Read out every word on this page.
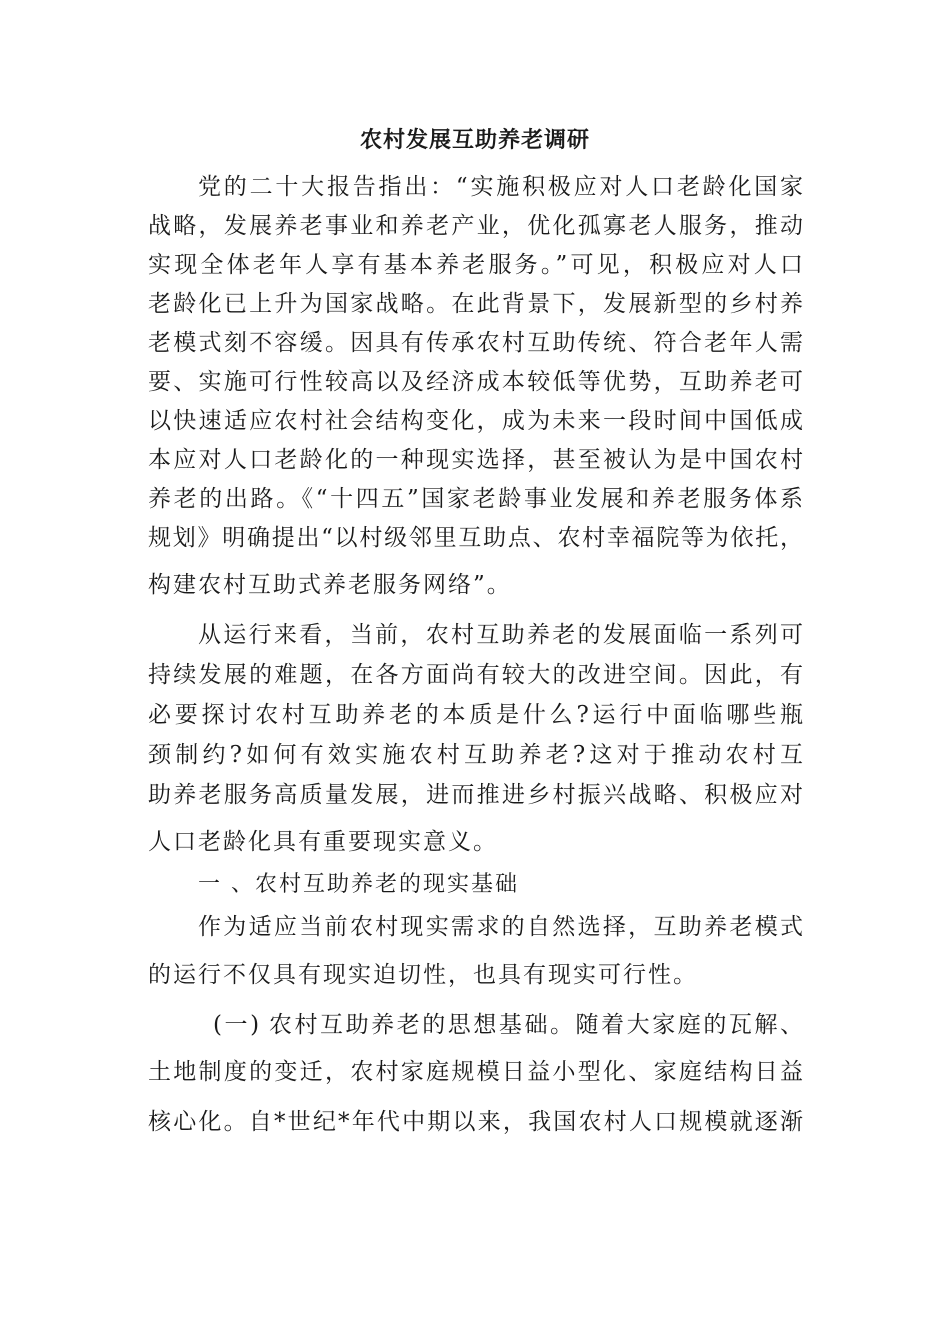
农村发展互助养老调研
党的二十大报告指出：“实施积极应对人口老龄化国家
战略，发展养老事业和养老产业，优化孤寡老人服务，推动
实现全体老年人享有基本养老服务。”可见，积极应对人口
老龄化已上升为国家战略。在此背景下，发展新型的乡村养
老模式刻不容缓。因具有传承农村互助传统、符合老年人需
要、实施可行性较高以及经济成本较低等优势，互助养老可
以快速适应农村社会结构变化，成为未来一段时间中国低成
本应对人口老龄化的一种现实选择，甚至被认为是中国农村
养老的出路。《“十四五”国家老龄事业发展和养老服务体系
规划》明确提出“以村级邻里互助点、农村幸福院等为依托，
构建农村互助式养老服务网络”。
从运行来看，当前，农村互助养老的发展面临一系列可
持续发展的难题，在各方面尚有较大的改进空间。因此，有
必要探讨农村互助养老的本质是什么?运行中面临哪些瓶
颈制约?如何有效实施农村互助养老?这对于推动农村互
助养老服务高质量发展，进而推进乡村振兴战略、积极应对
人口老龄化具有重要现实意义。
一 、农村互助养老的现实基础
作为适应当前农村现实需求的自然选择，互助养老模式
的运行不仅具有现实迫切性，也具有现实可行性。
(一) 农村互助养老的思想基础。随着大家庭的瓦解、
土地制度的变迁，农村家庭规模日益小型化、家庭结构日益
核心化。自*世纪*年代中期以来，我国农村人口规模就逐渐
